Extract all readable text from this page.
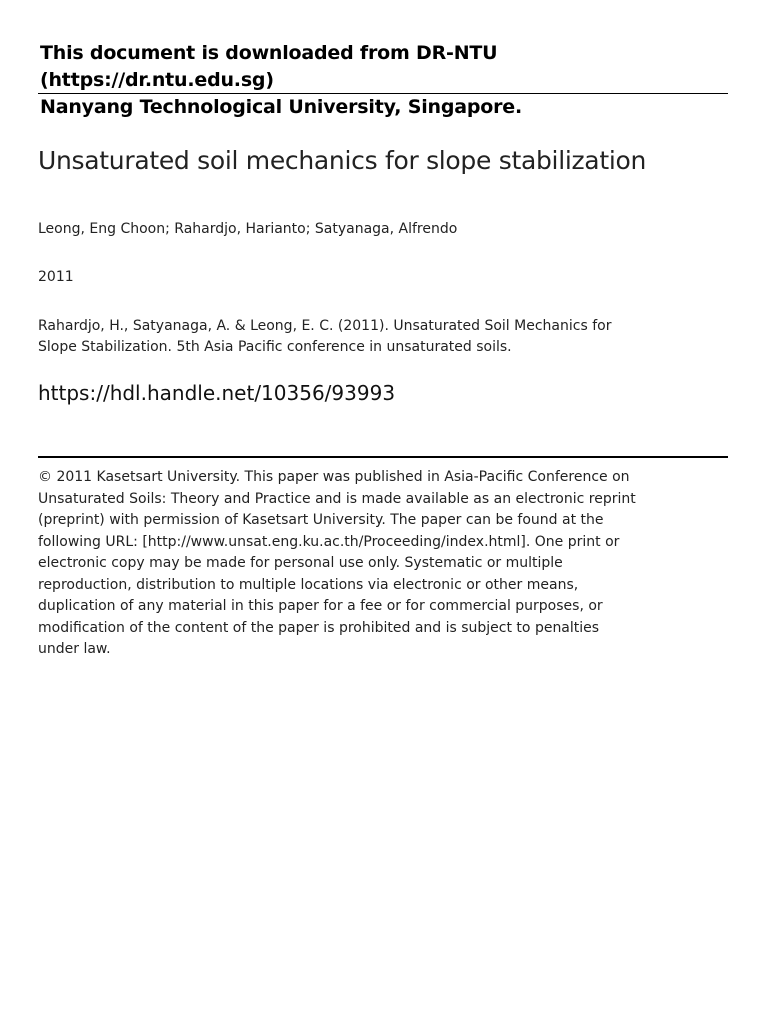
This document is downloaded from DR‑NTU (https://dr.ntu.edu.sg)
Nanyang Technological University, Singapore.
Unsaturated soil mechanics for slope stabilization
Leong, Eng Choon; Rahardjo, Harianto; Satyanaga, Alfrendo
2011
Rahardjo, H., Satyanaga, A. & Leong, E. C. (2011). Unsaturated Soil Mechanics for Slope Stabilization. 5th Asia Pacific conference in unsaturated soils.
https://hdl.handle.net/10356/93993
© 2011 Kasetsart University. This paper was published in Asia-Pacific Conference on Unsaturated Soils: Theory and Practice and is made available as an electronic reprint (preprint) with permission of Kasetsart University. The paper can be found at the following URL: [http://www.unsat.eng.ku.ac.th/Proceeding/index.html]. One print or electronic copy may be made for personal use only. Systematic or multiple reproduction, distribution to multiple locations via electronic or other means, duplication of any material in this paper for a fee or for commercial purposes, or modification of the content of the paper is prohibited and is subject to penalties under law.
